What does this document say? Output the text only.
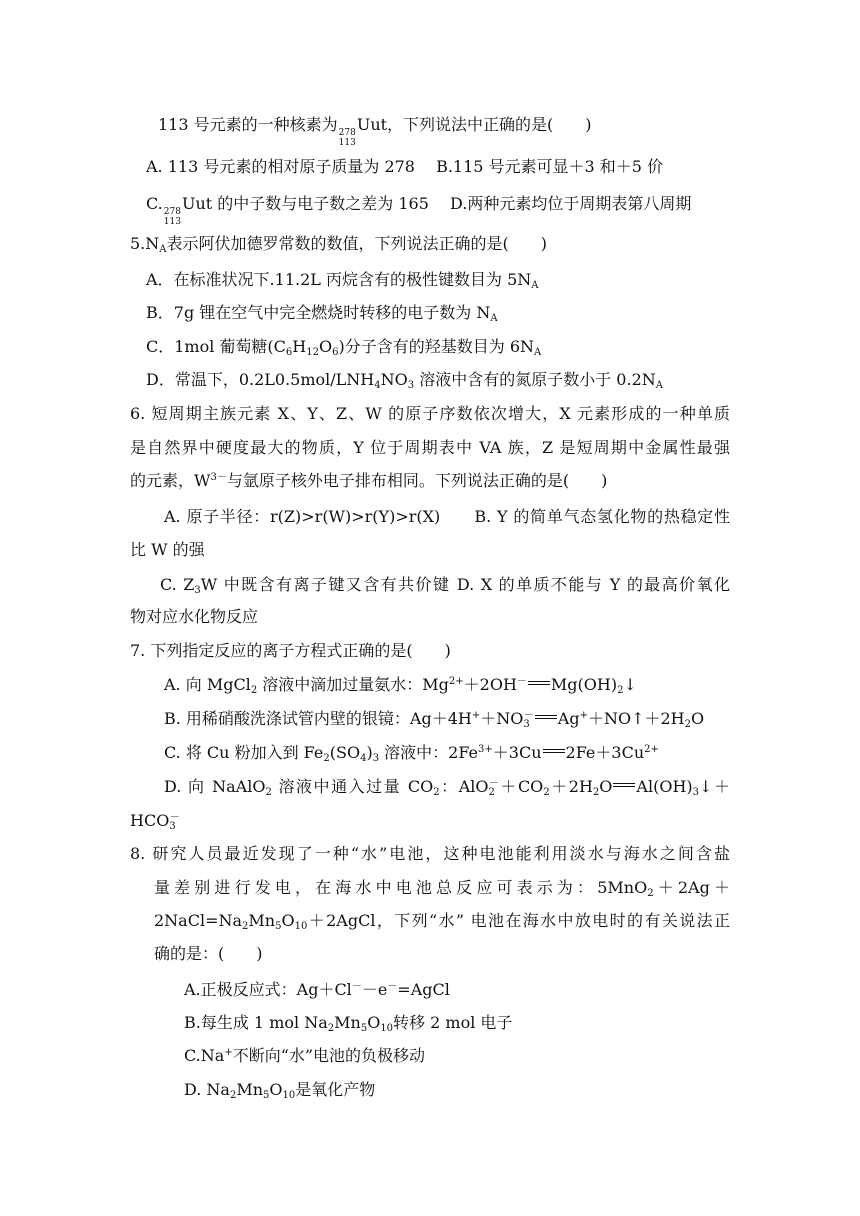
113 号元素的一种核素为 278
113
Uut，下列说法中正确的是(　　)
A. 113 号元素的相对原子质量为 278　 B.115 号元素可显＋3 和＋5 价
C. 278
113
Uut 的中子数与电子数之差为 165　 D.两种元素均位于周期表第八周期
$5.N_A$表示阿伏加德罗常数的数值，下列说法正确的是(　　)
A．在标准状况下.11.2L 丙烷含有的极性键数目为 $5N_A$
B．7g 锂在空气中完全燃烧时转移的电子数为 $N_A$
C．1mol 葡萄糖$(C_6H_{12}O_6)$分子含有的羟基数目为 $6N_A$
D．常温下，$0.2L0.5mol/LNH_4NO_3$ 溶液中含有的氮原子数小于 $0.2N_A$
6. 短周期主族元素 X、Y、Z、W 的原子序数依次增大，X 元素形成的一种单质
是自然界中硬度最大的物质，Y 位于周期表中 VA 族，Z 是短周期中金属性最强
的元素，$W^{3-}$与氩原子核外电子排布相同。下列说法正确的是(　　)
A. 原子半径：r(Z)>r(W)>r(Y)>r(X)　　B. Y 的简单气态氢化物的热稳定性
比 W 的强
C. $Z_3W$ 中既含有离子键又含有共价键 D. X 的单质不能与 Y 的最高价氧化
物对应水化物反应
7. 下列指定反应的离子方程式正确的是(　　)
A. 向 MgCl$_2$ 溶液中滴加过量氨水：$Mg^{2+}+2OH^-$ $Mg(OH)_2↓$
B. 用稀硝酸洗涤试管内壁的银镜：$Ag+4H^++NO_3^-$ $Ag^++NO↑+2H_2O$
C. 将 Cu 粉加入到 $Fe_2(SO_4)_3$ 溶液中：$2Fe^{3+}+3Cu$ $2Fe+3Cu^{2+}$
D. 向 NaAlO$_2$ 溶液中通入过量 $CO_2$：$AlO_2^-+CO_2+2H_2O$ $Al(OH)_3↓+$
$HCO_3^-$
8. 研究人员最近发现了一种“水”电池，这种电池能利用淡水与海水之间含盐
量差别进行发电，在海水中电池总反应可表示为：5MnO$_2$＋2Ag＋
$2NaCl=Na_2Mn_5O_{10}+2AgCl$，下列“水” 电池在海水中放电时的有关说法正
确的是：(　　)
A.正极反应式：Ag＋Cl－－e－=AgCl
B.每生成 1 mol $Na_2Mn_5O_{10}$转移 2 mol 电子
C.Na+不断向“水”电池的负极移动
D. $Na_2Mn_5O_{10}$是氧化产物
